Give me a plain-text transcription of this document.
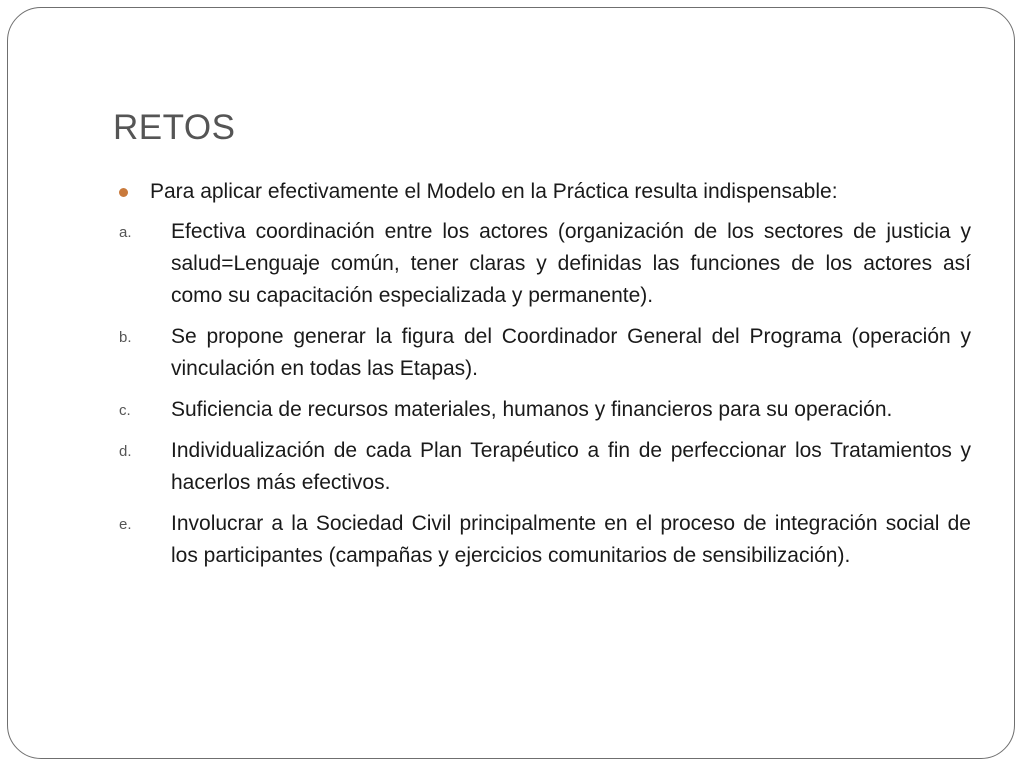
RETOS

Para aplicar efectivamente el Modelo en la Práctica resulta indispensable:

a. Efectiva coordinación entre los actores (organización de los sectores de justicia y salud=Lenguaje común, tener claras y definidas las funciones de los actores así como su capacitación especializada y permanente).

b. Se propone generar la figura del Coordinador General del Programa (operación y vinculación en todas las Etapas).

c. Suficiencia de recursos materiales, humanos y financieros para su operación.

d. Individualización de cada Plan Terapéutico a fin de perfeccionar los Tratamientos y hacerlos más efectivos.

e. Involucrar a la Sociedad Civil principalmente en el proceso de integración social de los participantes (campañas y ejercicios comunitarios de sensibilización).
